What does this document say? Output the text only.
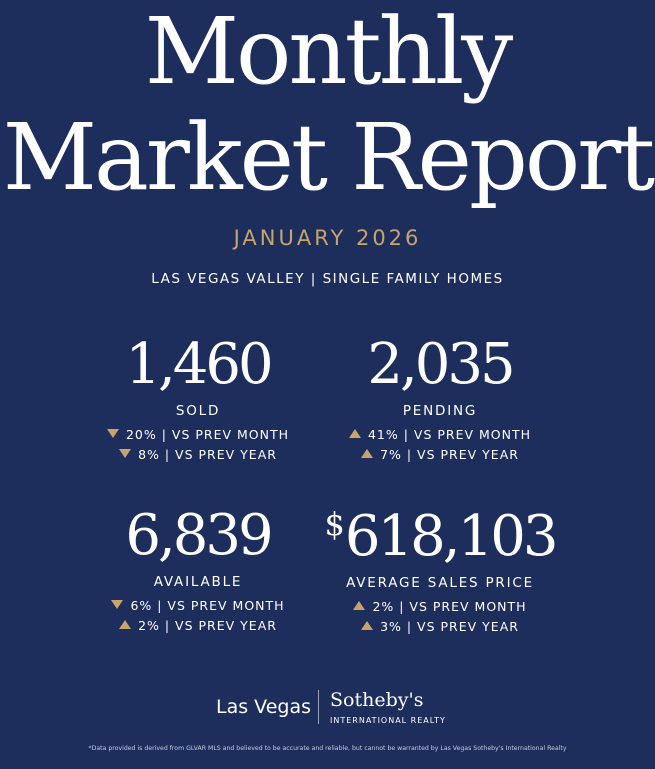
Monthly
Market Report
JANUARY 2026
LAS VEGAS VALLEY | SINGLE FAMILY HOMES
1,460
SOLD
20% | VS PREV MONTH
8% | VS PREV YEAR
2,035
PENDING
41% | VS PREV MONTH
7% | VS PREV YEAR
6,839
AVAILABLE
6% | VS PREV MONTH
2% | VS PREV YEAR
$618,103
AVERAGE SALES PRICE
2% | VS PREV MONTH
3% | VS PREV YEAR
Las Vegas Sotheby's
INTERNATIONAL REALTY
*Data provided is derived from GLVAR MLS and believed to be accurate and reliable, but cannot be warranted by Las Vegas Sotheby's International Realty
